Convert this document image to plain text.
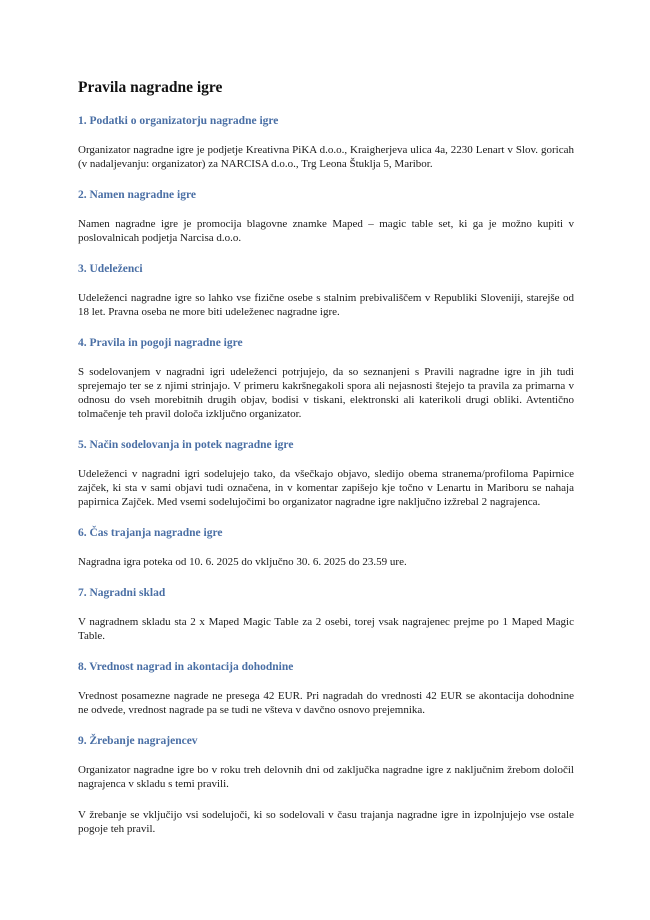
Pravila nagradne igre
1. Podatki o organizatorju nagradne igre

Organizator nagradne igre je podjetje Kreativna PiKA d.o.o., Kraigherjeva ulica 4a, 2230 Lenart v Slov. goricah (v nadaljevanju: organizator) za NARCISA d.o.o., Trg Leona Štuklja 5, Maribor.

2. Namen nagradne igre

Namen nagradne igre je promocija blagovne znamke Maped – magic table set, ki ga je možno kupiti v poslovalnicah podjetja Narcisa d.o.o.

3. Udeleženci

Udeleženci nagradne igre so lahko vse fizične osebe s stalnim prebivališčem v Republiki Sloveniji, starejše od 18 let. Pravna oseba ne more biti udeleženec nagradne igre.

4. Pravila in pogoji nagradne igre

S sodelovanjem v nagradni igri udeleženci potrjujejo, da so seznanjeni s Pravili nagradne igre in jih tudi sprejemajo ter se z njimi strinjajo. V primeru kakršnegakoli spora ali nejasnosti štejejo ta pravila za primarna v odnosu do vseh morebitnih drugih objav, bodisi v tiskani, elektronski ali katerikoli drugi obliki. Avtentično tolmačenje teh pravil določa izključno organizator.

5. Način sodelovanja in potek nagradne igre

Udeleženci v nagradni igri sodelujejo tako, da všečkajo objavo, sledijo obema stranema/profiloma Papirnice zajček, ki sta v sami objavi tudi označena, in v komentar zapišejo kje točno v Lenartu in Mariboru se nahaja papirnica Zajček. Med vsemi sodelujočimi bo organizator nagradne igre naključno izžrebal 2 nagrajenca.

6. Čas trajanja nagradne igre

Nagradna igra poteka od 10. 6. 2025 do vključno 30. 6. 2025 do 23.59 ure.

7. Nagradni sklad

V nagradnem skladu sta 2 x Maped Magic Table za 2 osebi, torej vsak nagrajenec prejme po 1 Maped Magic Table.

8. Vrednost nagrad in akontacija dohodnine

Vrednost posamezne nagrade ne presega 42 EUR. Pri nagradah do vrednosti 42 EUR se akontacija dohodnine ne odvede, vrednost nagrade pa se tudi ne všteva v davčno osnovo prejemnika.

9. Žrebanje nagrajencev

Organizator nagradne igre bo v roku treh delovnih dni od zaključka nagradne igre z naključnim žrebom določil nagrajenca v skladu s temi pravili.

V žrebanje se vključijo vsi sodelujoči, ki so sodelovali v času trajanja nagradne igre in izpolnjujejo vse ostale pogoje teh pravil.
